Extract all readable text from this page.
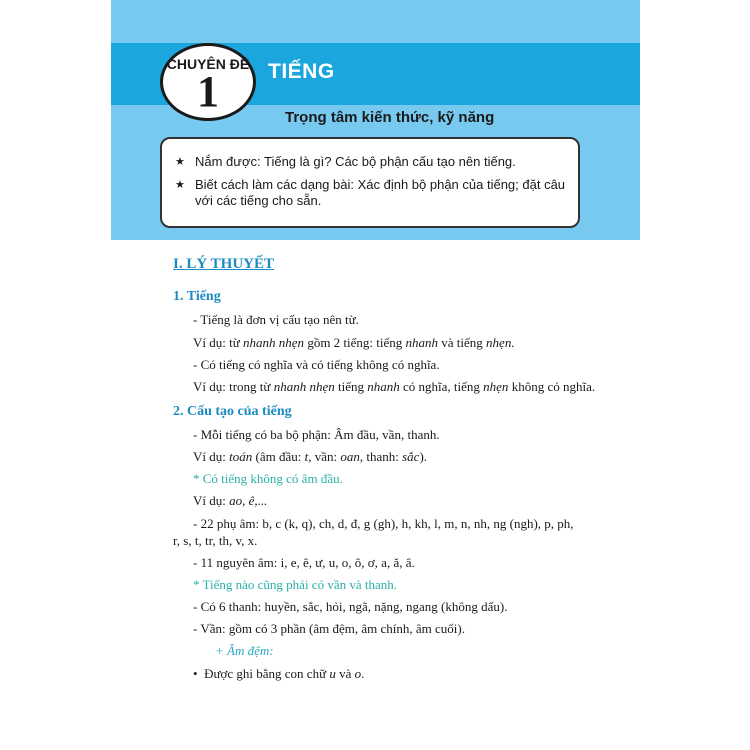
CHUYÊN ĐỀ
1	TIẾNG
Trọng tâm kiến thức, kỹ năng
★ Nắm được: Tiếng là gì? Các bộ phận cấu tạo nên tiếng.
★ Biết cách làm các dạng bài: Xác định bộ phận của tiếng; đặt câu với các tiếng cho sẵn.
I. LÝ THUYẾT
1. Tiếng
- Tiếng là đơn vị cấu tạo nên từ.
Ví dụ: từ nhanh nhẹn gồm 2 tiếng: tiếng nhanh và tiếng nhẹn.
- Có tiếng có nghĩa và có tiếng không có nghĩa.
Ví dụ: trong từ nhanh nhẹn tiếng nhanh có nghĩa, tiếng nhẹn không có nghĩa.
2. Cấu tạo của tiếng
- Mỗi tiếng có ba bộ phận: Âm đầu, vần, thanh.
Ví dụ: toán (âm đầu: t, vần: oan, thanh: sắc).
* Có tiếng không có âm đầu.
Ví dụ: ao, ê,...
- 22 phụ âm: b, c (k, q), ch, d, đ, g (gh), h, kh, l, m, n, nh, ng (ngh), p, ph,
r, s, t, tr, th, v, x.
- 11 nguyên âm: i, e, ê, ư, u, o, ô, ơ, a, ă, â.
* Tiếng nào cũng phải có vần và thanh.
- Có 6 thanh: huyền, sắc, hỏi, ngã, nặng, ngang (không dấu).
- Vần: gồm có 3 phần (âm đệm, âm chính, âm cuối).
+ Âm đệm:
•  Được ghi bằng con chữ u và o.
